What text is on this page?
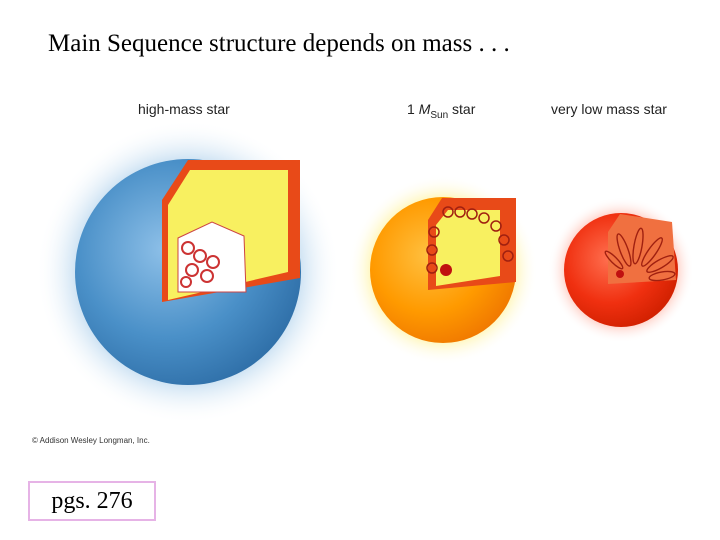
Main Sequence structure depends on mass . . .
high-mass star	1 $M_{Sun}$ star	very low mass star
© Addison Wesley Longman, Inc.
pgs. 276
